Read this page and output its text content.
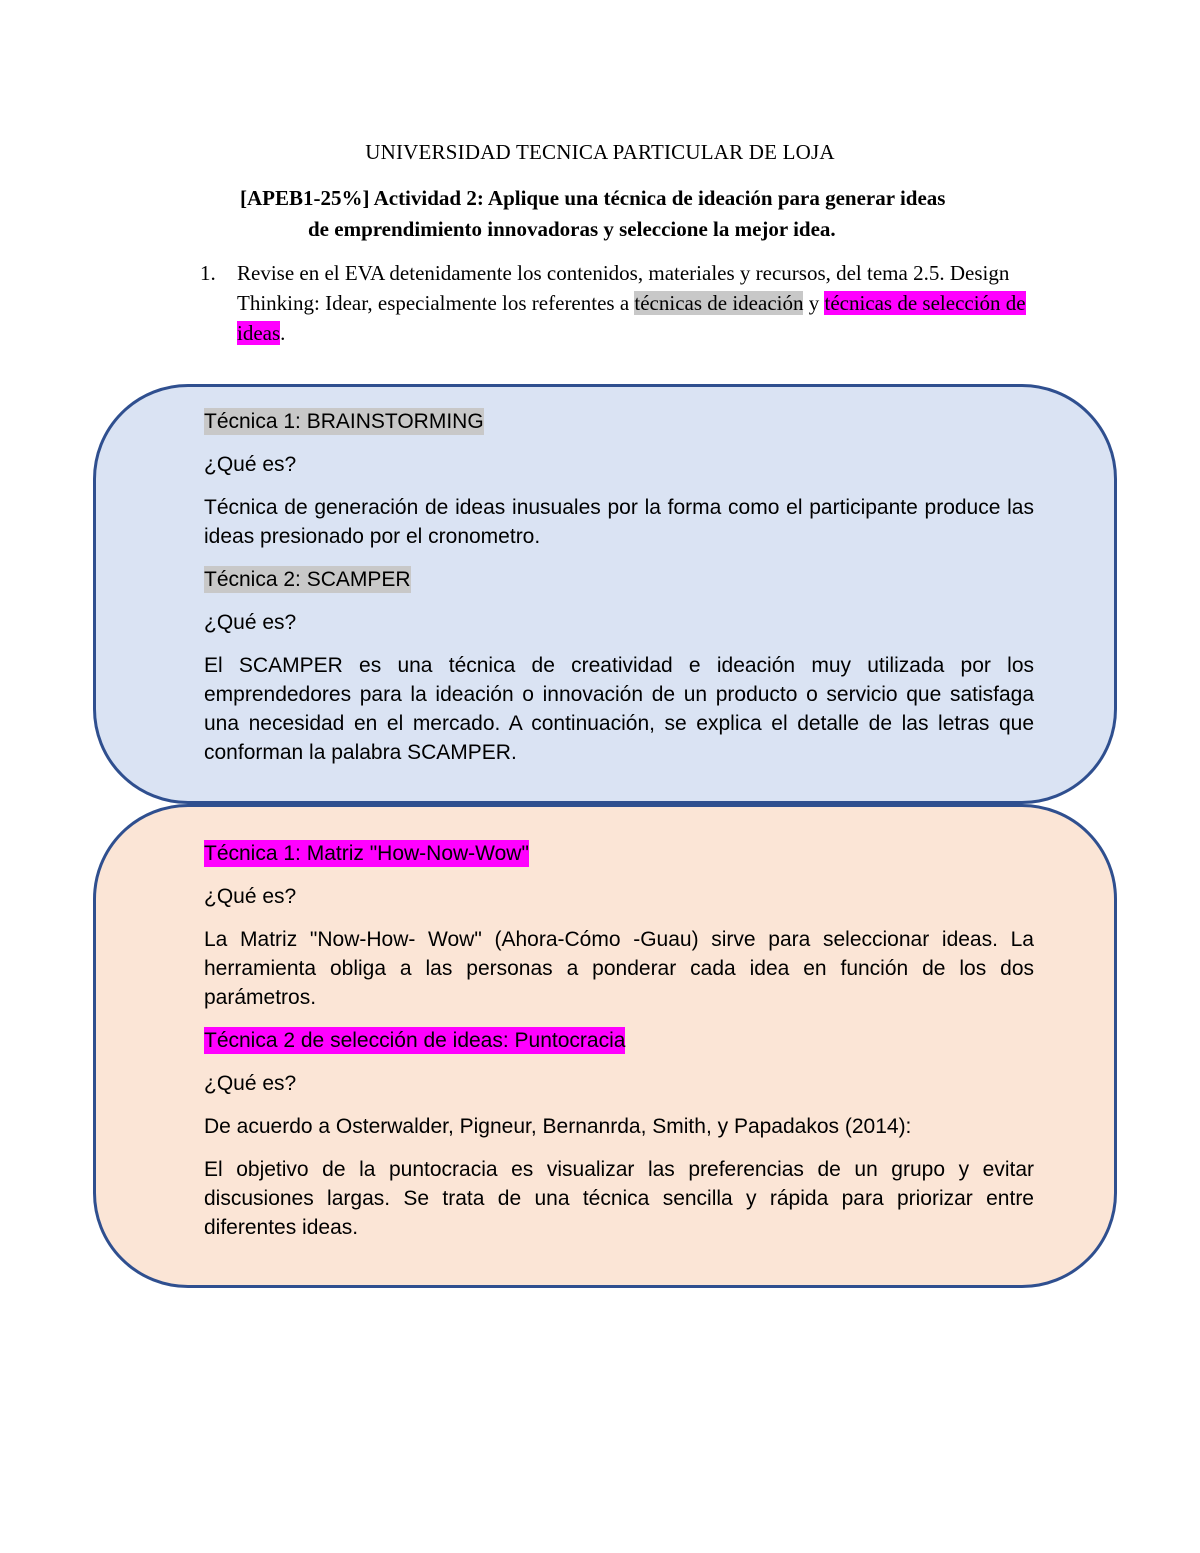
UNIVERSIDAD TECNICA PARTICULAR DE LOJA
[APEB1-25%] Actividad 2: Aplique una técnica de ideación para generar ideas
de emprendimiento innovadoras y seleccione la mejor idea.
1. Revise en el EVA detenidamente los contenidos, materiales y recursos, del tema 2.5. Design Thinking: Idear, especialmente los referentes a técnicas de ideación y técnicas de selección de ideas.

Técnica 1: BRAINSTORMING

¿Qué es?

Técnica de generación de ideas inusuales por la forma como el participante produce las ideas presionado por el cronometro.

Técnica 2: SCAMPER

¿Qué es?

El SCAMPER es una técnica de creatividad e ideación muy utilizada por los emprendedores para la ideación o innovación de un producto o servicio que satisfaga una necesidad en el mercado. A continuación, se explica el detalle de las letras que conforman la palabra SCAMPER.

Técnica 1: Matriz "How-Now-Wow"

¿Qué es?

La Matriz "Now-How- Wow" (Ahora-Cómo -Guau) sirve para seleccionar ideas. La herramienta obliga a las personas a ponderar cada idea en función de los dos parámetros.

Técnica 2 de selección de ideas: Puntocracia

¿Qué es?

De acuerdo a Osterwalder, Pigneur, Bernanrda, Smith, y Papadakos (2014):

El objetivo de la puntocracia es visualizar las preferencias de un grupo y evitar discusiones largas. Se trata de una técnica sencilla y rápida para priorizar entre diferentes ideas.
